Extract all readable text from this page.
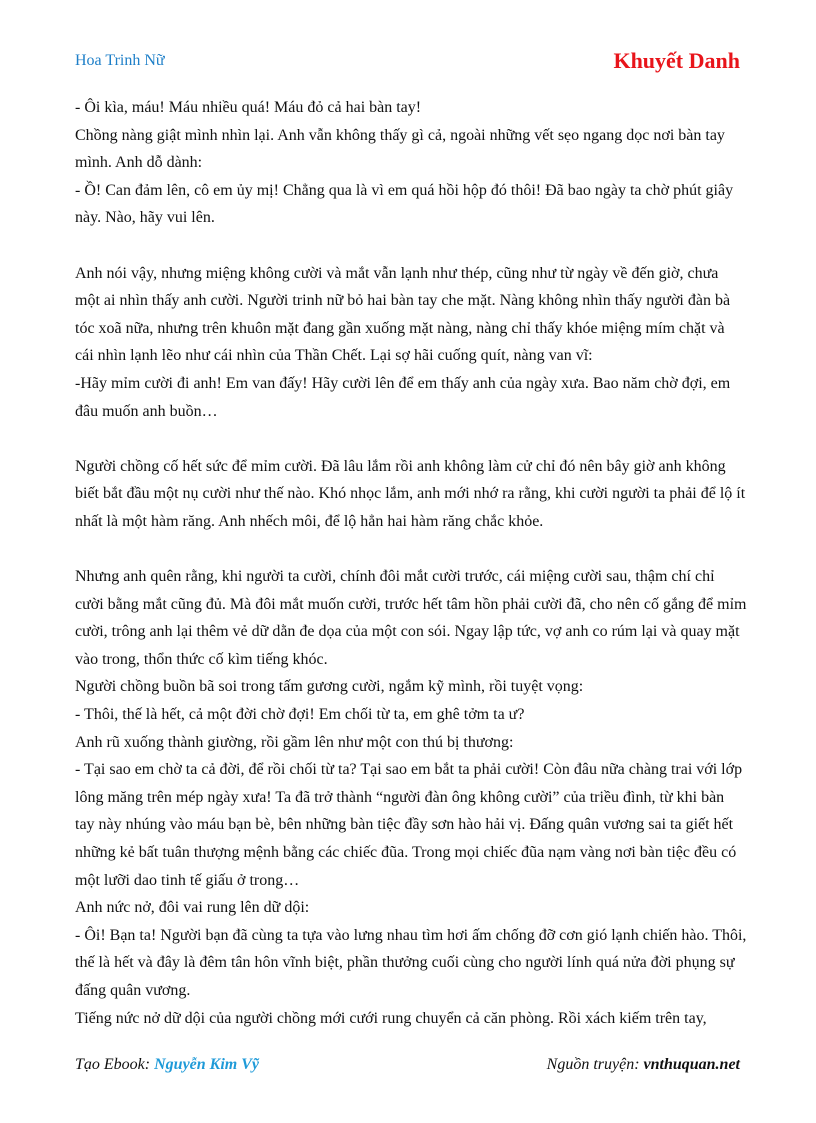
Hoa Trinh Nữ	Khuyết Danh

- Ôi kìa, máu! Máu nhiều quá! Máu đỏ cả hai bàn tay!

Chồng nàng giật mình nhìn lại. Anh vẫn không thấy gì cả, ngoài những vết sẹo ngang dọc nơi bàn tay mình. Anh dỗ dành:

- Ồ! Can đảm lên, cô em ủy mị! Chẳng qua là vì em quá hồi hộp đó thôi! Đã bao ngày ta chờ phút giây này. Nào, hãy vui lên.

Anh nói vậy, nhưng miệng không cười và mắt vẫn lạnh như thép, cũng như từ ngày về đến giờ, chưa một ai nhìn thấy anh cười. Người trinh nữ bỏ hai bàn tay che mặt. Nàng không nhìn thấy người đàn bà tóc xoã nữa, nhưng trên khuôn mặt đang gần xuống mặt nàng, nàng chỉ thấy khóe miệng mím chặt và cái nhìn lạnh lẽo như cái nhìn của Thần Chết. Lại sợ hãi cuống quít, nàng van vĩ:

-Hãy mỉm cười đi anh! Em van đấy! Hãy cười lên để em thấy anh của ngày xưa. Bao năm chờ đợi, em đâu muốn anh buồn…

Người chồng cố hết sức để mỉm cười. Đã lâu lắm rồi anh không làm cử chỉ đó nên bây giờ anh không biết bắt đầu một nụ cười như thế nào. Khó nhọc lắm, anh mới nhớ ra rằng, khi cười người ta phải để lộ ít nhất là một hàm răng. Anh nhếch môi, để lộ hẳn hai hàm răng chắc khỏe.

Nhưng anh quên rằng, khi người ta cười, chính đôi mắt cười trước, cái miệng cười sau, thậm chí chỉ cười bằng mắt cũng đủ. Mà đôi mắt muốn cười, trước hết tâm hồn phải cười đã, cho nên cố gắng để mỉm cười, trông anh lại thêm vẻ dữ dằn đe dọa của một con sói. Ngay lập tức, vợ anh co rúm lại và quay mặt vào trong, thổn thức cố kìm tiếng khóc.

Người chồng buồn bã soi trong tấm gương cười, ngắm kỹ mình, rồi tuyệt vọng:

- Thôi, thế là hết, cả một đời chờ đợi! Em chối từ ta, em ghê tởm ta ư?

Anh rũ xuống thành giường, rồi gầm lên như một con thú bị thương:

- Tại sao em chờ ta cả đời, để rồi chối từ ta? Tại sao em bắt ta phải cười! Còn đâu nữa chàng trai với lớp lông măng trên mép ngày xưa! Ta đã trở thành “người đàn ông không cười” của triều đình, từ khi bàn tay này nhúng vào máu bạn bè, bên những bàn tiệc đầy sơn hào hải vị. Đấng quân vương sai ta giết hết những kẻ bất tuân thượng mệnh bằng các chiếc đũa. Trong mọi chiếc đũa nạm vàng nơi bàn tiệc đều có một lưỡi dao tinh tế giấu ở trong…

Anh nức nở, đôi vai rung lên dữ dội:

- Ôi! Bạn ta! Người bạn đã cùng ta tựa vào lưng nhau tìm hơi ấm chống đỡ cơn gió lạnh chiến hào. Thôi, thế là hết và đây là đêm tân hôn vĩnh biệt, phần thưởng cuối cùng cho người lính quá nửa đời phụng sự đấng quân vương.

Tiếng nức nở dữ dội của người chồng mới cưới rung chuyển cả căn phòng. Rồi xách kiếm trên tay,

Tạo Ebook: Nguyễn Kim Vỹ	Nguồn truyện: vnthuquan.net
